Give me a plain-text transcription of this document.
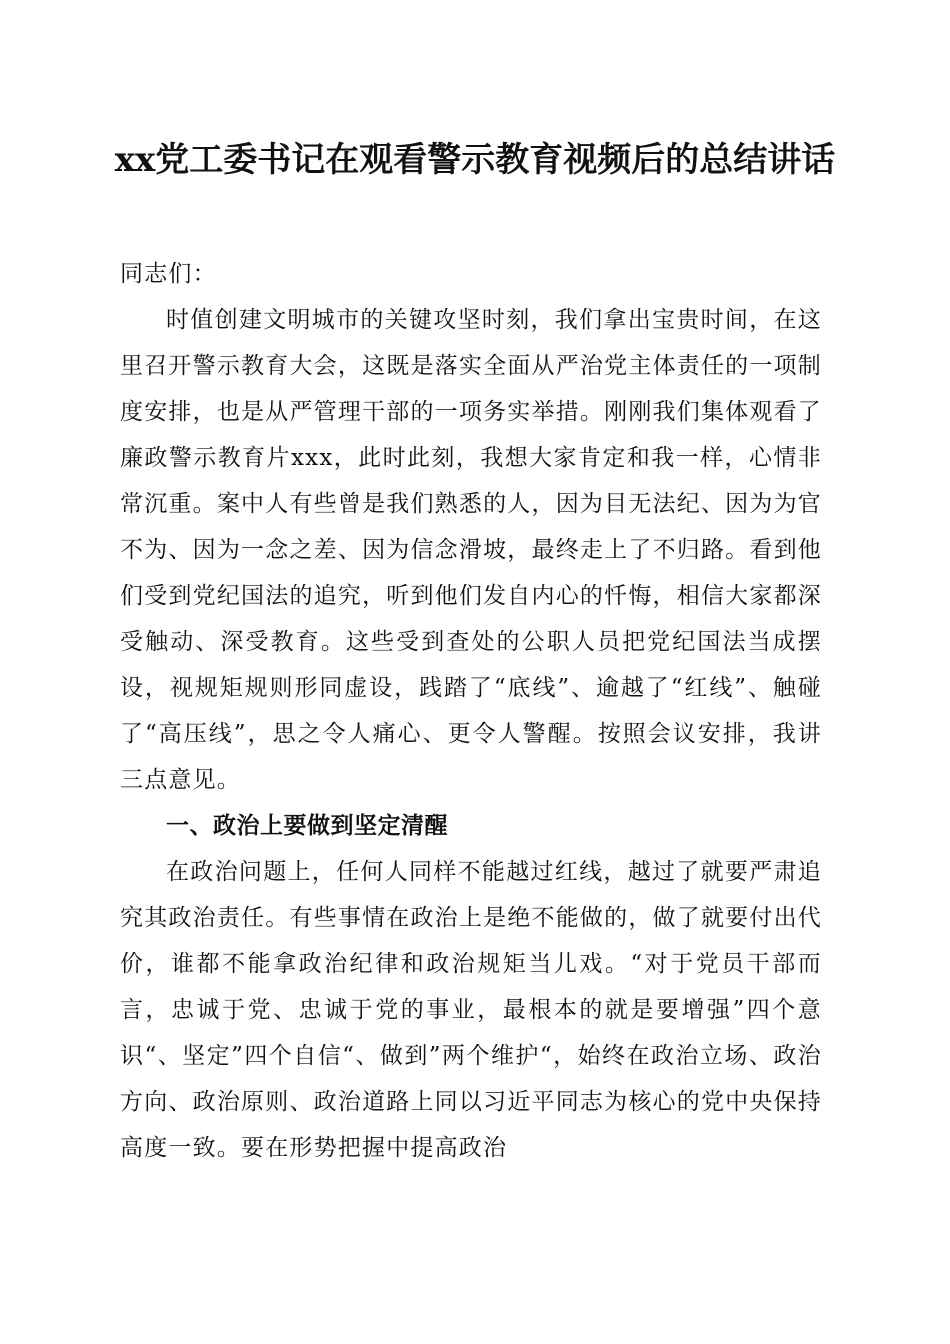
xx党工委书记在观看警示教育视频后的总结讲话

同志们：

时值创建文明城市的关键攻坚时刻，我们拿出宝贵时间，在这里召开警示教育大会，这既是落实全面从严治党主体责任的一项制度安排，也是从严管理干部的一项务实举措。刚刚我们集体观看了廉政警示教育片xxx，此时此刻，我想大家肯定和我一样，心情非常沉重。案中人有些曾是我们熟悉的人，因为目无法纪、因为为官不为、因为一念之差、因为信念滑坡，最终走上了不归路。看到他们受到党纪国法的追究，听到他们发自内心的忏悔，相信大家都深受触动、深受教育。这些受到查处的公职人员把党纪国法当成摆设，视规矩规则形同虚设，践踏了“底线”、逾越了“红线”、触碰了“高压线”，思之令人痛心、更令人警醒。按照会议安排，我讲三点意见。

一、政治上要做到坚定清醒

在政治问题上，任何人同样不能越过红线，越过了就要严肃追究其政治责任。有些事情在政治上是绝不能做的，做了就要付出代价，谁都不能拿政治纪律和政治规矩当儿戏。“对于党员干部而言，忠诚于党、忠诚于党的事业，最根本的就是要增强”四个意识“、坚定”四个自信“、做到”两个维护“，始终在政治立场、政治方向、政治原则、政治道路上同以习近平同志为核心的党中央保持高度一致。要在形势把握中提高政治
